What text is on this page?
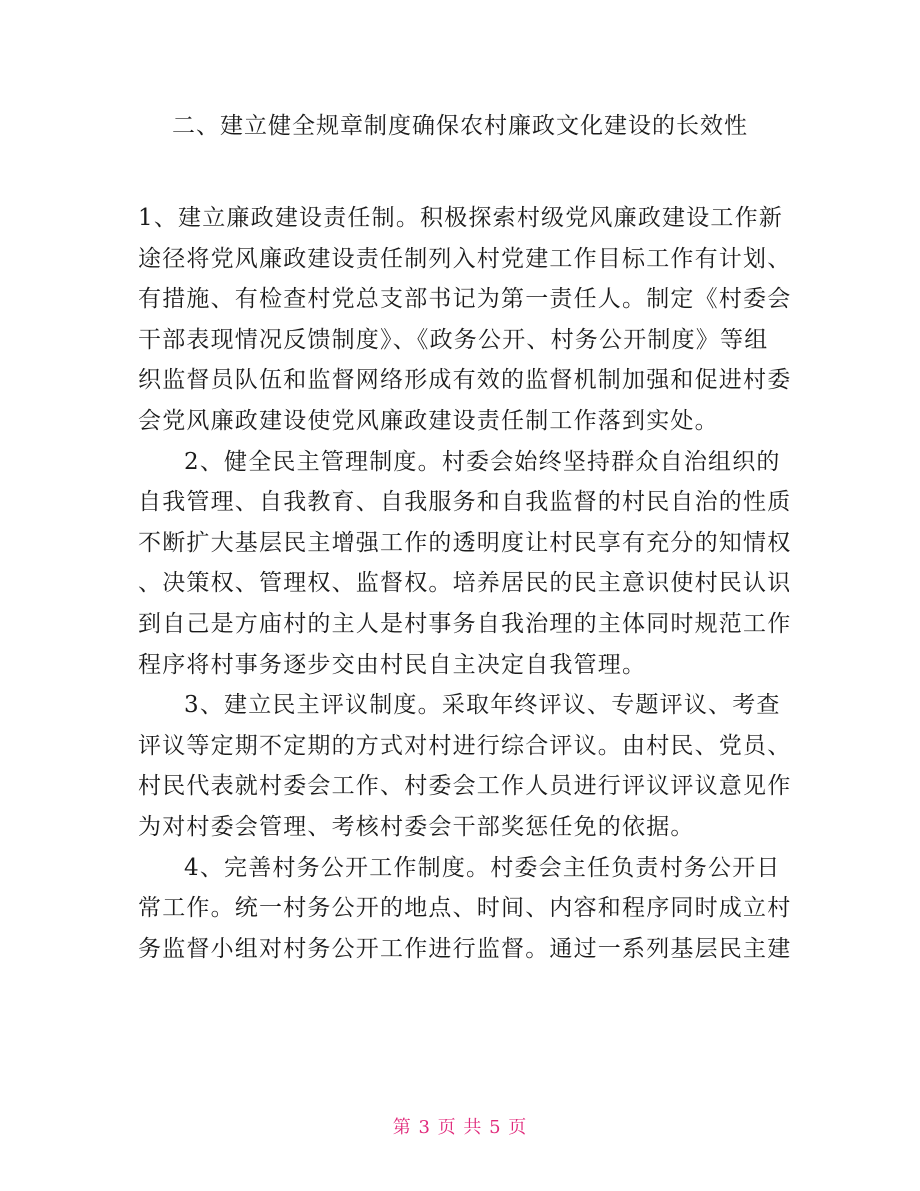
二、建立健全规章制度确保农村廉政文化建设的长效性

1、建立廉政建设责任制。积极探索村级党风廉政建设工作新
途径将党风廉政建设责任制列入村党建工作目标工作有计划、
有措施、有检查村党总支部书记为第一责任人。制定《村委会
干部表现情况反馈制度》、《政务公开、村务公开制度》等组
织监督员队伍和监督网络形成有效的监督机制加强和促进村委
会党风廉政建设使党风廉政建设责任制工作落到实处。

2、健全民主管理制度。村委会始终坚持群众自治组织的
自我管理、自我教育、自我服务和自我监督的村民自治的性质
不断扩大基层民主增强工作的透明度让村民享有充分的知情权
、决策权、管理权、监督权。培养居民的民主意识使村民认识
到自己是方庙村的主人是村事务自我治理的主体同时规范工作
程序将村事务逐步交由村民自主决定自我管理。

3、建立民主评议制度。采取年终评议、专题评议、考查
评议等定期不定期的方式对村进行综合评议。由村民、党员、
村民代表就村委会工作、村委会工作人员进行评议评议意见作
为对村委会管理、考核村委会干部奖惩任免的依据。

4、完善村务公开工作制度。村委会主任负责村务公开日
常工作。统一村务公开的地点、时间、内容和程序同时成立村
务监督小组对村务公开工作进行监督。通过一系列基层民主建

第 3 页 共 5 页
